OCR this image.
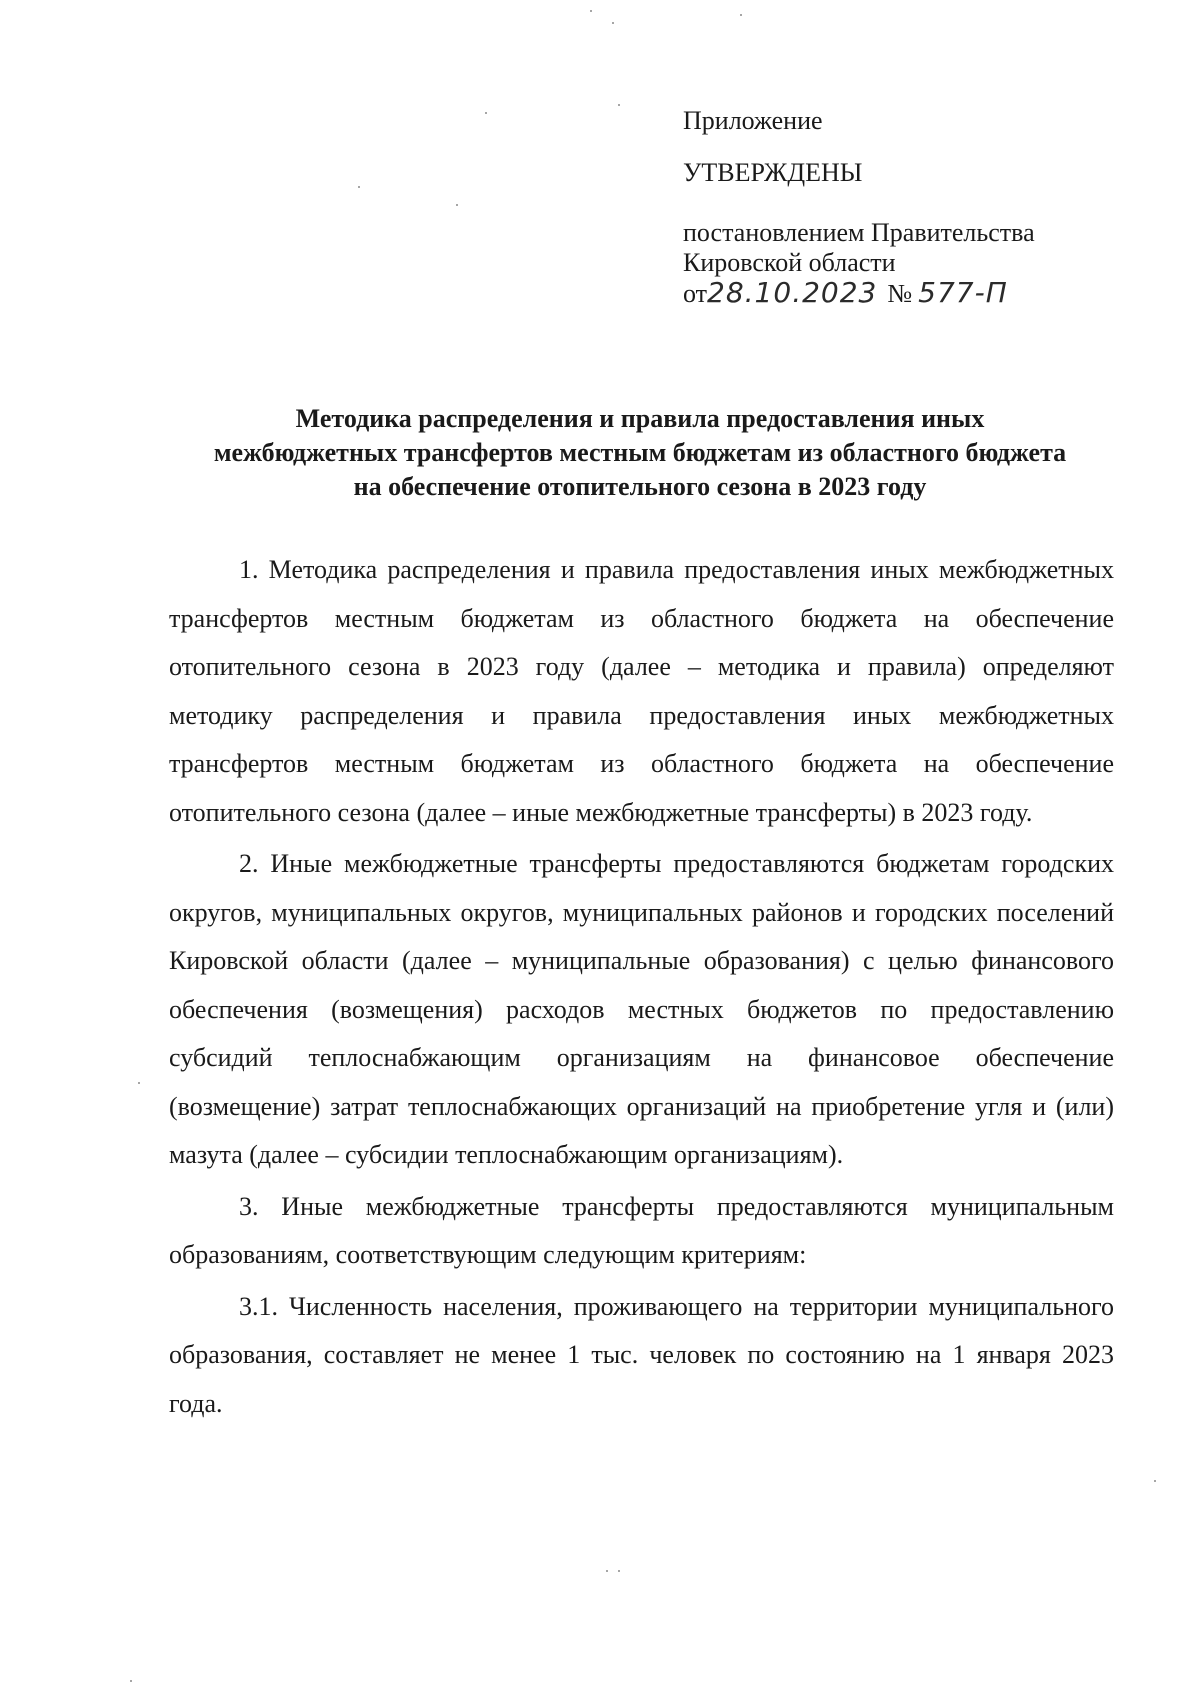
Приложение
УТВЕРЖДЕНЫ
постановлением Правительства
Кировской области
от 28.10.2023 № 577-П
Методика распределения и правила предоставления иных
межбюджетных трансфертов местным бюджетам из областного бюджета
на обеспечение отопительного сезона в 2023 году

1. Методика распределения и правила предоставления иных межбюджетных трансфертов местным бюджетам из областного бюджета на обеспечение отопительного сезона в 2023 году (далее – методика и правила) определяют методику распределения и правила предоставления иных межбюджетных трансфертов местным бюджетам из областного бюджета на обеспечение отопительного сезона (далее – иные межбюджетные трансферты) в 2023 году.

2. Иные межбюджетные трансферты предоставляются бюджетам городских округов, муниципальных округов, муниципальных районов и городских поселений Кировской области (далее – муниципальные образования) с целью финансового обеспечения (возмещения) расходов местных бюджетов по предоставлению субсидий теплоснабжающим организациям на финансовое обеспечение (возмещение) затрат теплоснабжающих организаций на приобретение угля и (или) мазута (далее – субсидии теплоснабжающим организациям).

3. Иные межбюджетные трансферты предоставляются муниципальным образованиям, соответствующим следующим критериям:

3.1. Численность населения, проживающего на территории муниципального образования, составляет не менее 1 тыс. человек по состоянию на 1 января 2023 года.
